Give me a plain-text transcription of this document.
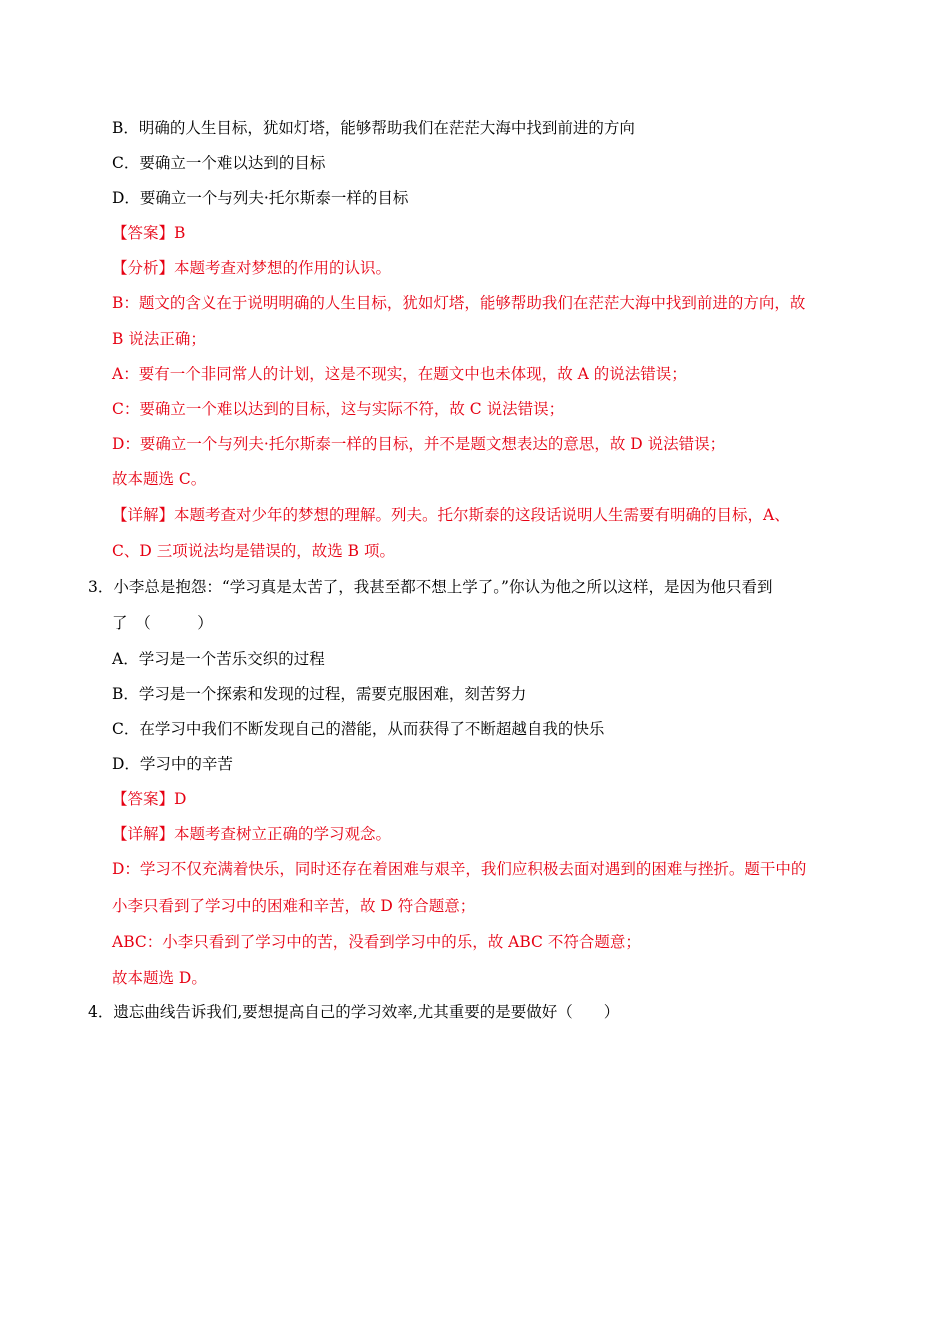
B．明确的人生目标，犹如灯塔，能够帮助我们在茫茫大海中找到前进的方向
C．要确立一个难以达到的目标
D．要确立一个与列夫·托尔斯泰一样的目标
【答案】B
【分析】本题考查对梦想的作用的认识。
B：题文的含义在于说明明确的人生目标，犹如灯塔，能够帮助我们在茫茫大海中找到前进的方向，故
B 说法正确；
A：要有一个非同常人的计划，这是不现实，在题文中也未体现，故 A 的说法错误；
C：要确立一个难以达到的目标，这与实际不符，故 C 说法错误；
D：要确立一个与列夫·托尔斯泰一样的目标，并不是题文想表达的意思，故 D 说法错误；
故本题选 C。
【详解】本题考查对少年的梦想的理解。列夫。托尔斯泰的这段话说明人生需要有明确的目标，A、
C、D 三项说法均是错误的，故选 B 项。
3．小李总是抱怨：“学习真是太苦了，我甚至都不想上学了。”你认为他之所以这样，是因为他只看到
了　（　　　）
A．学习是一个苦乐交织的过程
B．学习是一个探索和发现的过程，需要克服困难，刻苦努力
C．在学习中我们不断发现自己的潜能，从而获得了不断超越自我的快乐
D．学习中的辛苦
【答案】D
【详解】本题考查树立正确的学习观念。
D：学习不仅充满着快乐，同时还存在着困难与艰辛，我们应积极去面对遇到的困难与挫折。题干中的
小李只看到了学习中的困难和辛苦，故 D 符合题意；
ABC：小李只看到了学习中的苦，没看到学习中的乐，故 ABC 不符合题意；
故本题选 D。
4．遗忘曲线告诉我们,要想提高自己的学习效率,尤其重要的是要做好（　　）
